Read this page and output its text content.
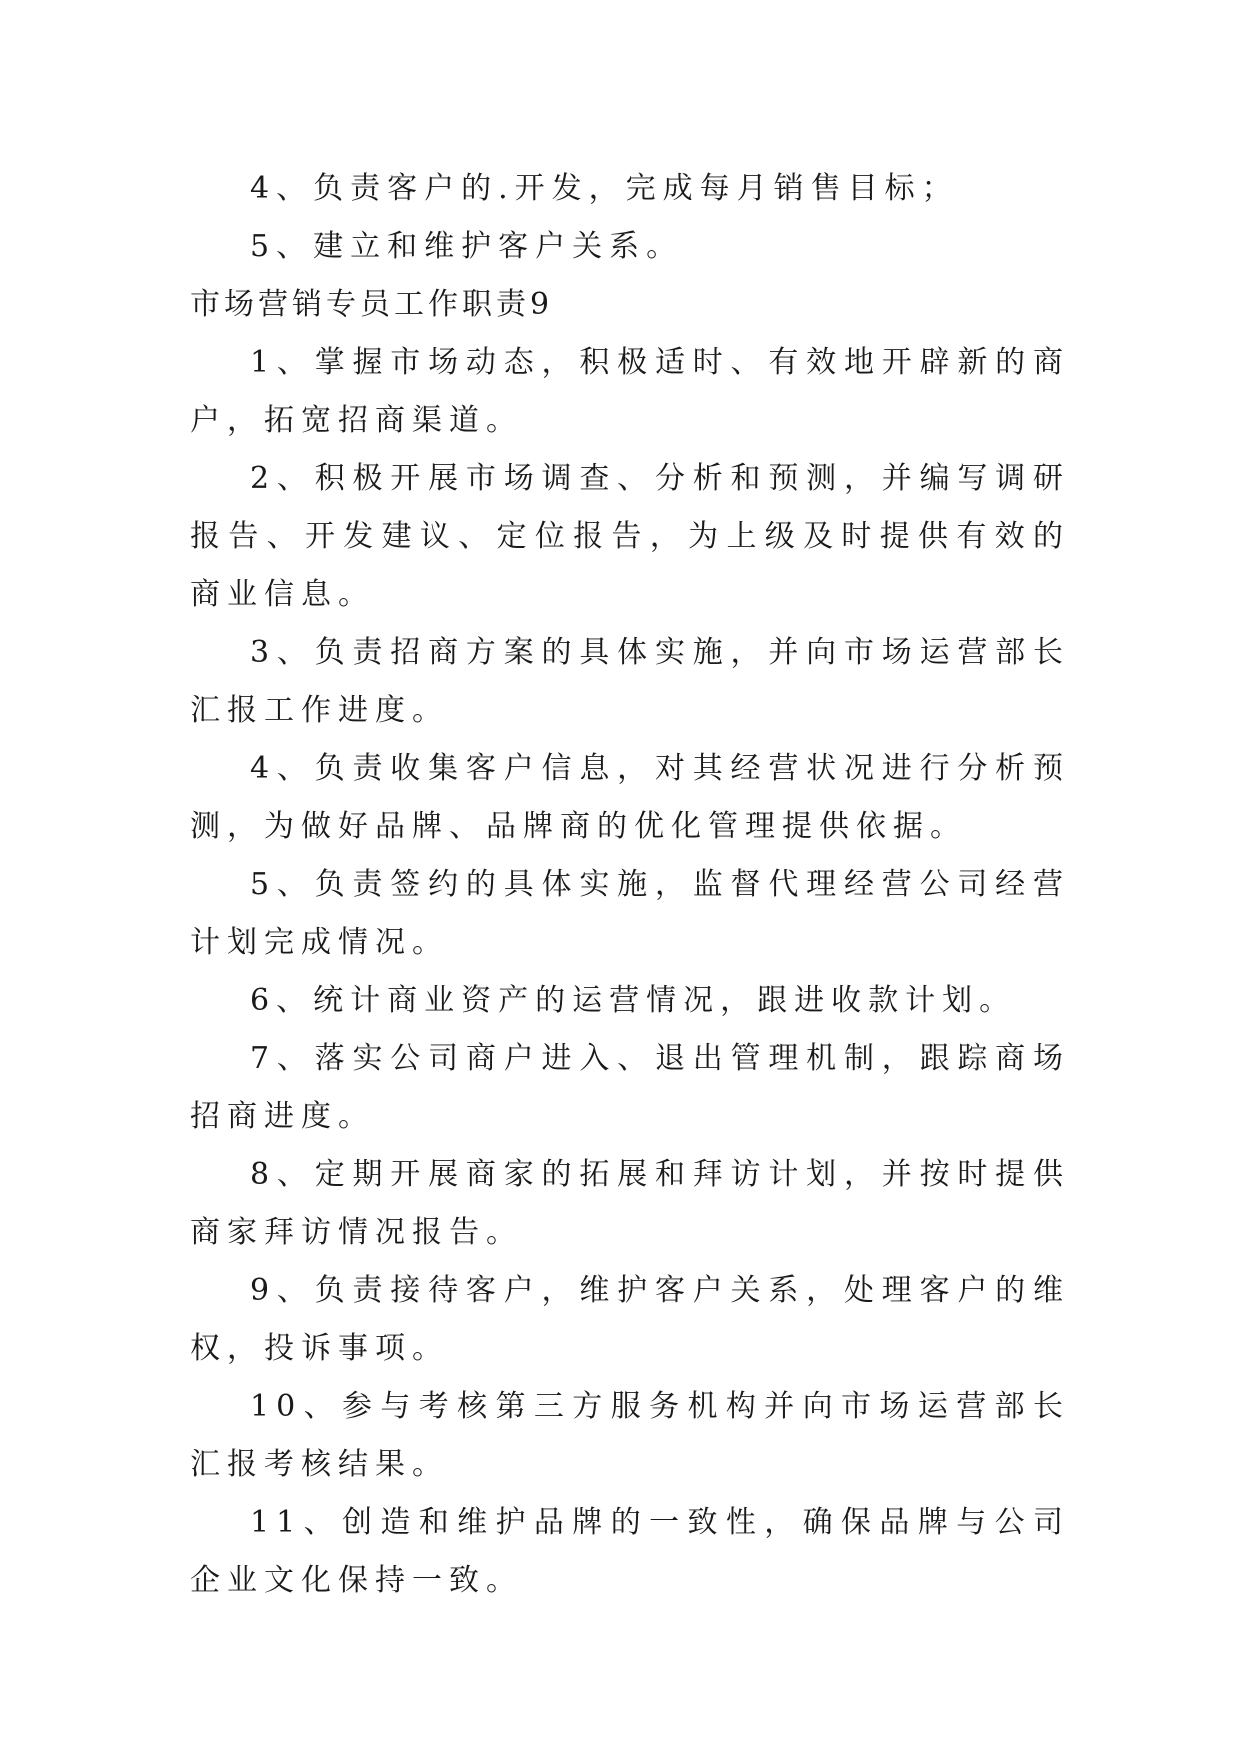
4、负责客户的.开发，完成每月销售目标；

5、建立和维护客户关系。

市场营销专员工作职责9

1、掌握市场动态，积极适时、有效地开辟新的商户，拓宽招商渠道。

2、积极开展市场调查、分析和预测，并编写调研报告、开发建议、定位报告，为上级及时提供有效的商业信息。

3、负责招商方案的具体实施，并向市场运营部长汇报工作进度。

4、负责收集客户信息，对其经营状况进行分析预测，为做好品牌、品牌商的优化管理提供依据。

5、负责签约的具体实施，监督代理经营公司经营计划完成情况。

6、统计商业资产的运营情况，跟进收款计划。

7、落实公司商户进入、退出管理机制，跟踪商场招商进度。

8、定期开展商家的拓展和拜访计划，并按时提供商家拜访情况报告。

9、负责接待客户，维护客户关系，处理客户的维权，投诉事项。

10、参与考核第三方服务机构并向市场运营部长汇报考核结果。

11、创造和维护品牌的一致性，确保品牌与公司企业文化保持一致。
